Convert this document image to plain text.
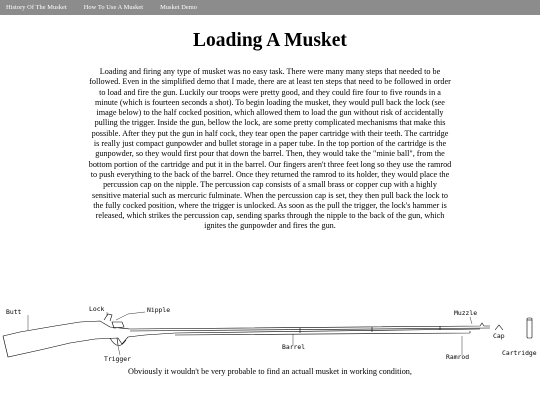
History Of The Musket	How To Use A Musket	Musket Demo
Loading A Musket

Loading and firing any type of musket was no easy task. There were many many steps that needed to be followed. Even in the simplified demo that I made, there are at least ten steps that need to be followed in order to load and fire the gun. Luckily our troops were pretty good, and they could fire four to five rounds in a minute (which is fourteen seconds a shot). To begin loading the musket, they would pull back the lock (see image below) to the half cocked position, which allowed them to load the gun without risk of accidentally pulling the trigger. Inside the gun, bellow the lock, are some pretty complicated mechanisms that make this possible. After they put the gun in half cock, they tear open the paper cartridge with their teeth. The cartridge is really just compact gunpowder and bullet storage in a paper tube. In the top portion of the cartridge is the gunpowder, so they would first pour that down the barrel. Then, they would take the "minie ball", from the bottom portion of the cartridge and put it in the barrel. Our fingers aren't three feet long so they use the ramrod to push everything to the back of the barrel. Once they returned the ramrod to its holder, they would place the percussion cap on the nipple. The percussion cap consists of a small brass or copper cup with a highly sensitive material such as mercuric fulminate. When the percussion cap is set, they then pull back the lock to the fully cocked position, where the trigger is unlocked. As soon as the pull the trigger, the lock's hammer is released, which strikes the percussion cap, sending sparks through the nipple to the back of the gun, which ignites the gunpowder and fires the gun.

Butt	Lock	Nipple
Trigger
Barrel
Muzzle
Ramrod
Cap
Cartridge

Obviously it wouldn't be very probable to find an actuall musket in working condition,
